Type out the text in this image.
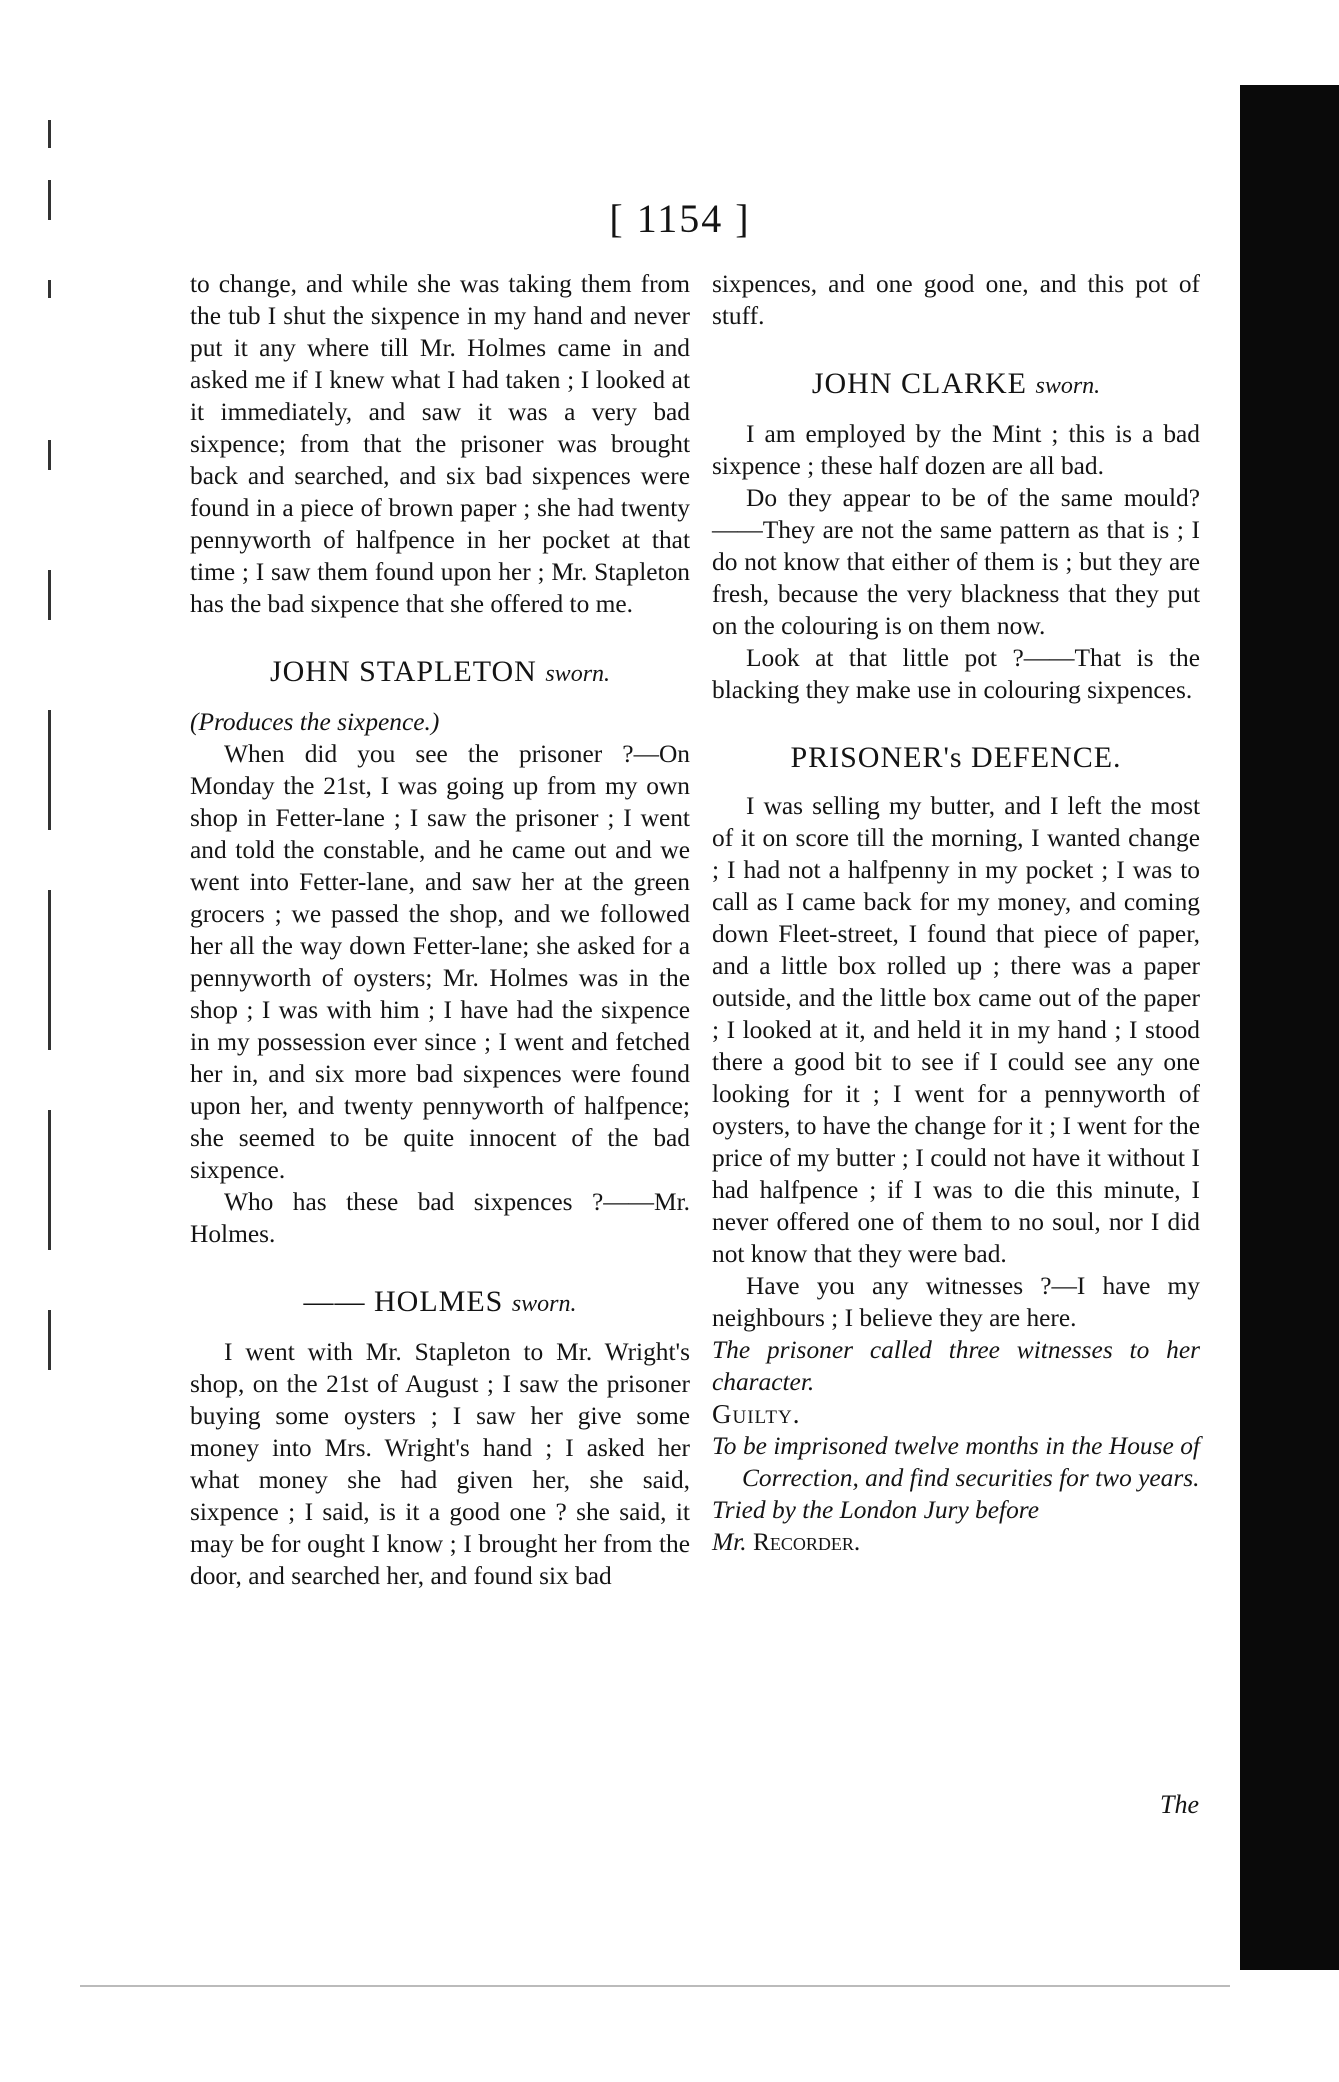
[ 1154 ]

to change, and while she was taking them from the tub I shut the sixpence in my hand and never put it any where till Mr. Holmes came in and asked me if I knew what I had taken ; I looked at it immediately, and saw it was a very bad sixpence; from that the prisoner was brought back and searched, and six bad sixpences were found in a piece of brown paper ; she had twenty pennyworth of halfpence in her pocket at that time ; I saw them found upon her ; Mr. Stapleton has the bad sixpence that she offered to me.

JOHN STAPLETON sworn.

(Produces the sixpence.)

When did you see the prisoner ?—On Monday the 21st, I was going up from my own shop in Fetter-lane ; I saw the prisoner ; I went and told the constable, and he came out and we went into Fetter-lane, and saw her at the green grocers ; we passed the shop, and we followed her all the way down Fetter-lane; she asked for a pennyworth of oysters; Mr. Holmes was in the shop ; I was with him ; I have had the sixpence in my possession ever since ; I went and fetched her in, and six more bad sixpences were found upon her, and twenty pennyworth of halfpence; she seemed to be quite innocent of the bad sixpence.

Who has these bad sixpences ?——Mr. Holmes.

—— HOLMES sworn.

I went with Mr. Stapleton to Mr. Wright's shop, on the 21st of August ; I saw the prisoner buying some oysters ; I saw her give some money into Mrs. Wright's hand ; I asked her what money she had given her, she said, sixpence ; I said, is it a good one ? she said, it may be for ought I know ; I brought her from the door, and searched her, and found six bad

sixpences, and one good one, and this pot of stuff.

JOHN CLARKE sworn.

I am employed by the Mint ; this is a bad sixpence ; these half dozen are all bad.

Do they appear to be of the same mould? ——They are not the same pattern as that is ; I do not know that either of them is ; but they are fresh, because the very blackness that they put on the colouring is on them now.

Look at that little pot ?——That is the blacking they make use in colouring sixpences.

PRISONER's DEFENCE.

I was selling my butter, and I left the most of it on score till the morning, I wanted change ; I had not a halfpenny in my pocket ; I was to call as I came back for my money, and coming down Fleet-street, I found that piece of paper, and a little box rolled up ; there was a paper outside, and the little box came out of the paper ; I looked at it, and held it in my hand ; I stood there a good bit to see if I could see any one looking for it ; I went for a pennyworth of oysters, to have the change for it ; I went for the price of my butter ; I could not have it without I had halfpence ; if I was to die this minute, I never offered one of them to no soul, nor I did not know that they were bad.

Have you any witnesses ?—I have my neighbours ; I believe they are here.

The prisoner called three witnesses to her character.

Guilty.

To be imprisoned twelve months in the House of Correction, and find securities for two years.

Tried by the London Jury before
Mr. Recorder.

The
